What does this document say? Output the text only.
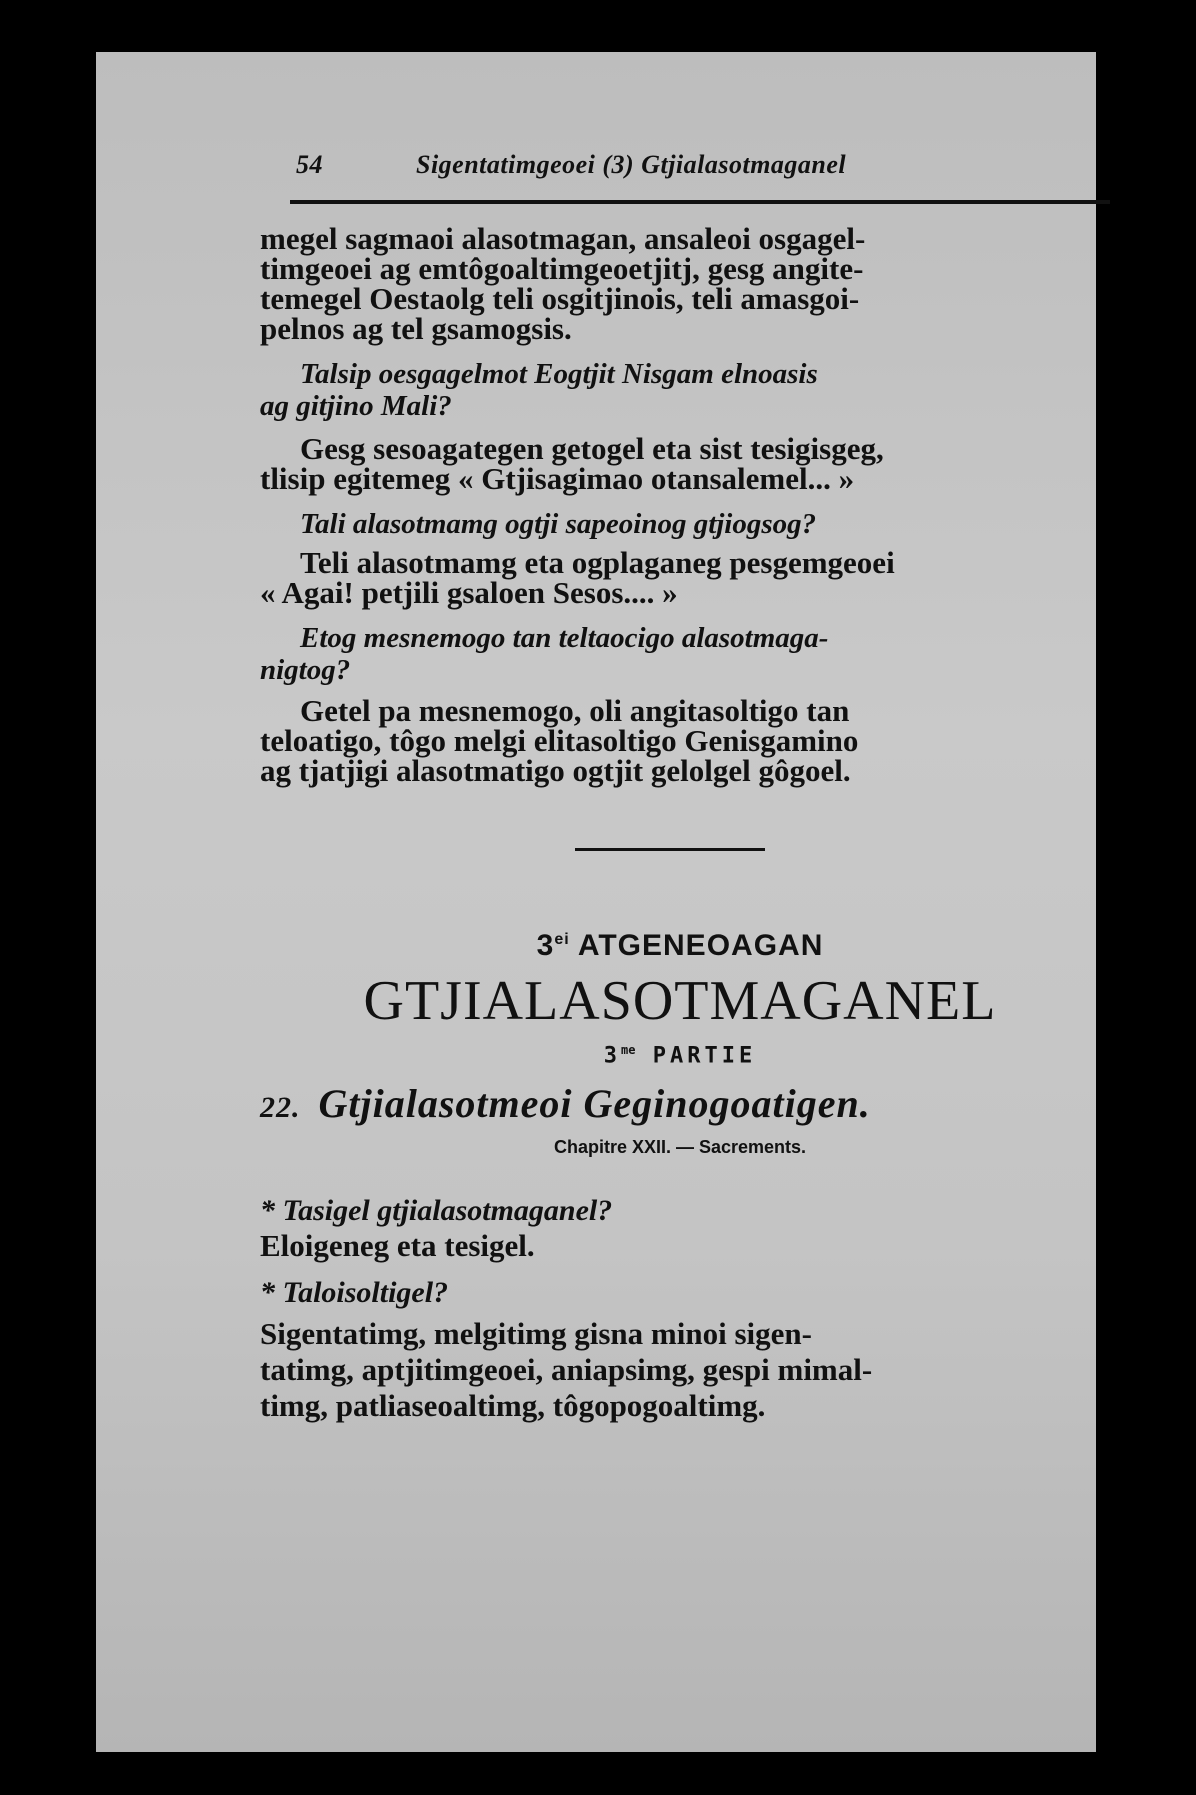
54	Sigentatimgeoei (3) Gtjialasotmaganel

megel sagmaoi alasotmagan, ansaleoi osgagel-

timgeoei ag emtôgoaltimgeoetjitj, gesg angite-

temegel Oestaolg teli osgitjinois, teli amasgoi-

pelnos ag tel gsamogsis.

Talsip oesgagelmot Eogtjit Nisgam elnoasis
ag gitjino Mali?

Gesg sesoagategen getogel eta sist tesigisgeg,

tlisip egitemeg « Gtjisagimao otansalemel... »

Tali alasotmamg ogtji sapeoinog gtjiogsog?

Teli alasotmamg eta ogplaganeg pesgemgeoei

« Agai! petjili gsaloen Sesos.... »

Etog mesnemogo tan teltaocigo alasotmaga-
nigtog?

Getel pa mesnemogo, oli angitasoltigo tan

teloatigo, tôgo melgi elitasoltigo Genisgamino

ag tjatjigi alasotmatigo ogtjit gelolgel gôgoel.

$3^{ei}$ ATGENEOAGAN
GTJIALASOTMAGANEL
$3^{me}$ PARTIE
22. Gtjialasotmeoi Geginogoatigen.
Chapitre XXII. — Sacrements.
* Tasigel gtjialasotmaganel?
Eloigeneg eta tesigel.
* Taloisoltigel?
Sigentatimg, melgitimg gisna minoi sigen-
tatimg, aptjitimgeoei, aniapsimg, gespi mimal-
timg, patliaseoaltimg, tôgopogoaltimg.
